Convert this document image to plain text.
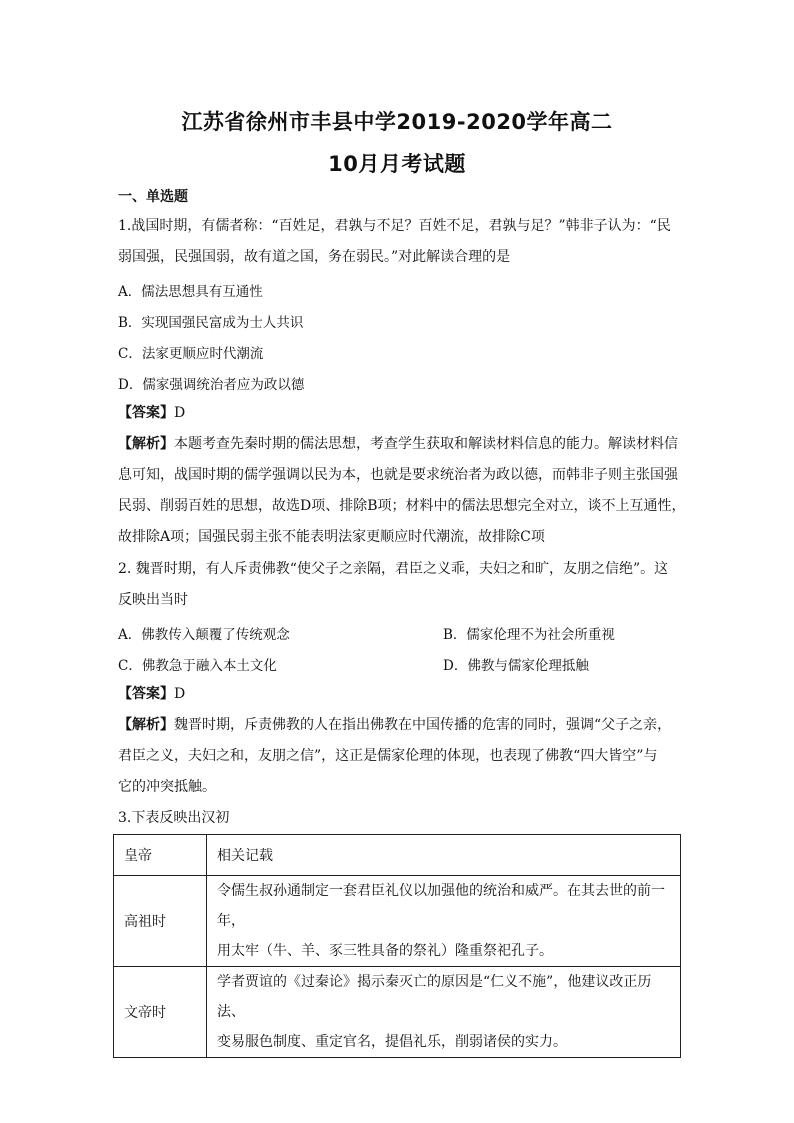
江苏省徐州市丰县中学2019-2020学年高二
10月月考试题
一、单选题
1.战国时期，有儒者称：“百姓足，君孰与不足？百姓不足，君孰与足？”韩非子认为：“民
弱国强，民强国弱，故有道之国，务在弱民。”对此解读合理的是
A．儒法思想具有互通性
B．实现国强民富成为士人共识
C．法家更顺应时代潮流
D．儒家强调统治者应为政以德
【答案】D
【解析】本题考查先秦时期的儒法思想，考查学生获取和解读材料信息的能力。解读材料信
息可知，战国时期的儒学强调以民为本，也就是要求统治者为政以德，而韩非子则主张国强
民弱、削弱百姓的思想，故选D项、排除B项；材料中的儒法思想完全对立，谈不上互通性，
故排除A项；国强民弱主张不能表明法家更顺应时代潮流，故排除C项
2. 魏晋时期，有人斥责佛教“使父子之亲隔，君臣之义乖，夫妇之和旷，友朋之信绝”。这
反映出当时
A．佛教传入颠覆了传统观念	B．儒家伦理不为社会所重视
C．佛教急于融入本土文化	D．佛教与儒家伦理抵触
【答案】D
【解析】魏晋时期，斥责佛教的人在指出佛教在中国传播的危害的同时，强调“父子之亲，
君臣之义，夫妇之和，友朋之信”，这正是儒家伦理的体现，也表现了佛教“四大皆空”与
它的冲突抵触。
3.下表反映出汉初
皇帝	相关记载
高祖时	令儒生叔孙通制定一套君臣礼仪以加强他的统治和威严。在其去世的前一年，
用太牢（牛、羊、豕三牲具备的祭礼）隆重祭祀孔子。

文帝时	学者贾谊的《过秦论》揭示秦灭亡的原因是“仁义不施”，他建议改正历法、
变易服色制度、重定官名，提倡礼乐，削弱诸侯的实力。
